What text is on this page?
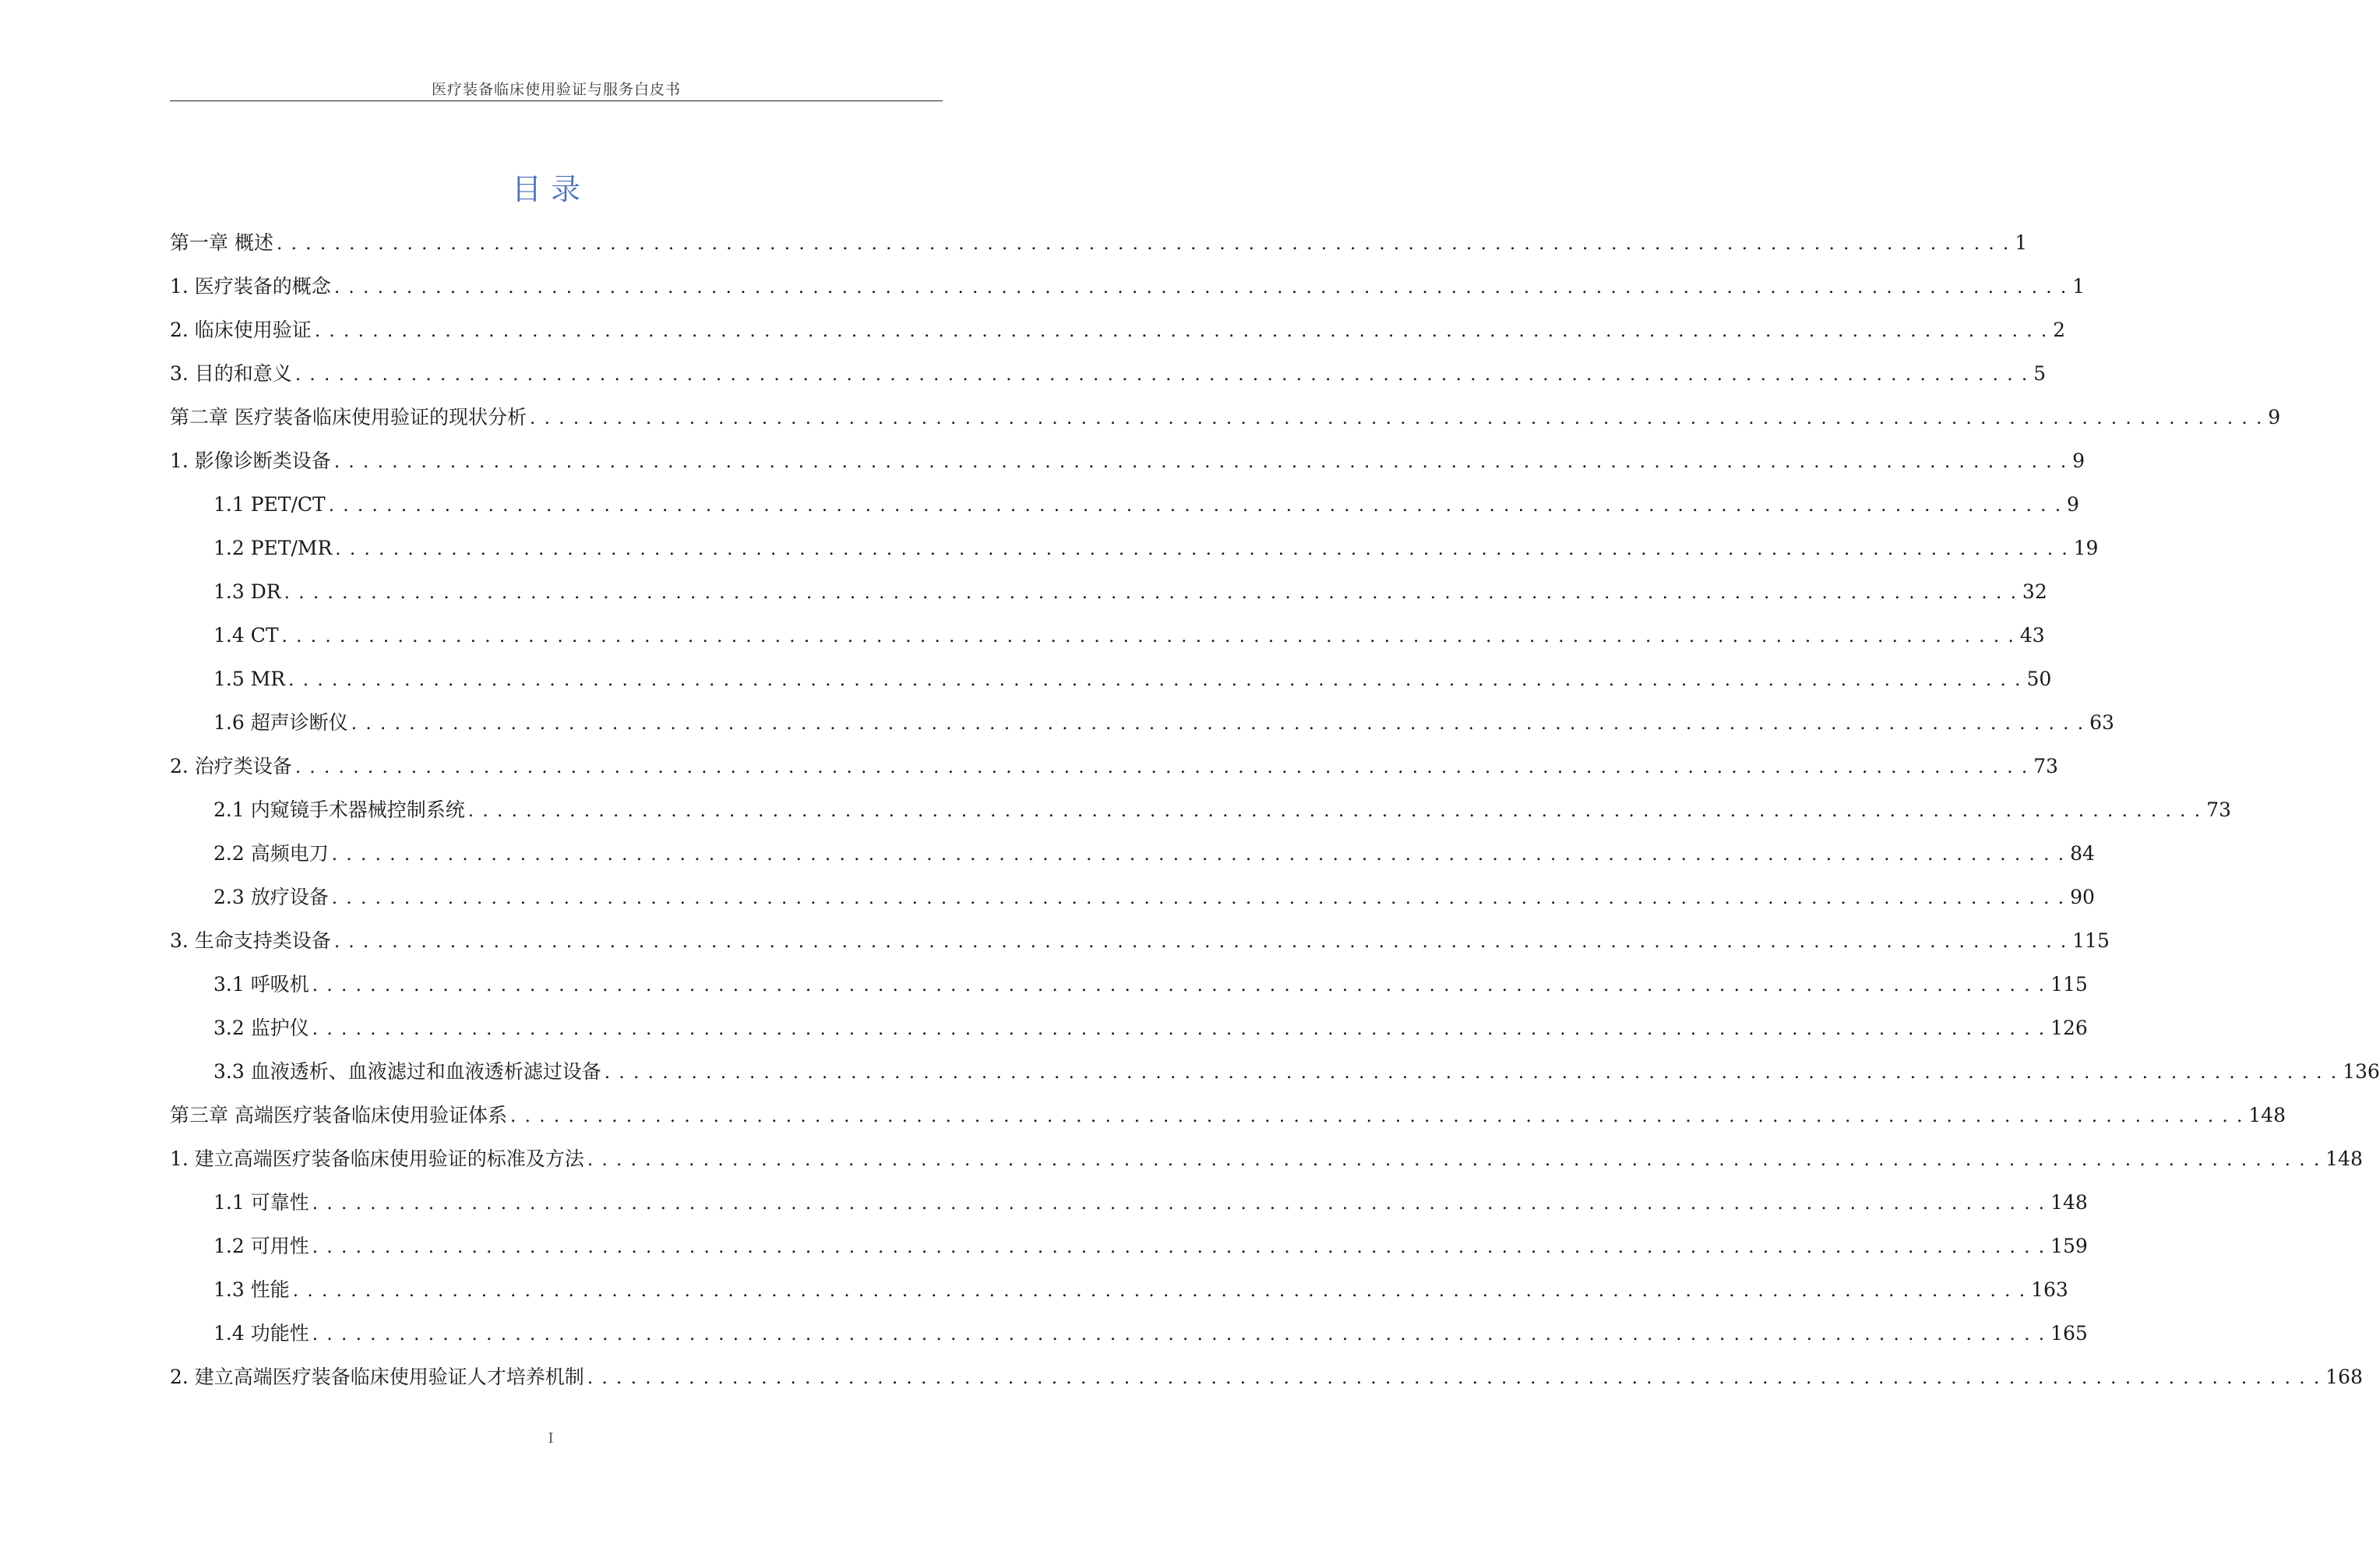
医疗装备临床使用验证与服务白皮书
目录
第一章 概述 . . . . . . . . . . . . . . . . . . . . . . . . . . . . . . . . . . . . . . . . . . . . . . . . . . . . . . . . . . . . . . . . . . . . . . . . . . . . . . . . . . . . . . . . . . . . . . . . . . . . . . . . . . . . . . . . . . . . . . . . 1
1. 医疗装备的概念 . . . . . . . . . . . . . . . . . . . . . . . . . . . . . . . . . . . . . . . . . . . . . . . . . . . . . . . . . . . . . . . . . . . . . . . . . . . . . . . . . . . . . . . . . . . . . . . . . . . . . . . . . . . . . . . . . . . . . . . . 1
2. 临床使用验证 . . . . . . . . . . . . . . . . . . . . . . . . . . . . . . . . . . . . . . . . . . . . . . . . . . . . . . . . . . . . . . . . . . . . . . . . . . . . . . . . . . . . . . . . . . . . . . . . . . . . . . . . . . . . . . . . . . . . . . . . 2
3. 目的和意义 . . . . . . . . . . . . . . . . . . . . . . . . . . . . . . . . . . . . . . . . . . . . . . . . . . . . . . . . . . . . . . . . . . . . . . . . . . . . . . . . . . . . . . . . . . . . . . . . . . . . . . . . . . . . . . . . . . . . . . . . 5
第二章 医疗装备临床使用验证的现状分析 . . . . . . . . . . . . . . . . . . . . . . . . . . . . . . . . . . . . . . . . . . . . . . . . . . . . . . . . . . . . . . . . . . . . . . . . . . . . . . . . . . . . . . . . . . . . . . . . . . . . . . . . . . . . . . . . . . . . . . . . 9
1. 影像诊断类设备 . . . . . . . . . . . . . . . . . . . . . . . . . . . . . . . . . . . . . . . . . . . . . . . . . . . . . . . . . . . . . . . . . . . . . . . . . . . . . . . . . . . . . . . . . . . . . . . . . . . . . . . . . . . . . . . . . . . . . . . . 9
1.1 PET/CT . . . . . . . . . . . . . . . . . . . . . . . . . . . . . . . . . . . . . . . . . . . . . . . . . . . . . . . . . . . . . . . . . . . . . . . . . . . . . . . . . . . . . . . . . . . . . . . . . . . . . . . . . . . . . . . . . . . . . . . . 9
1.2 PET/MR . . . . . . . . . . . . . . . . . . . . . . . . . . . . . . . . . . . . . . . . . . . . . . . . . . . . . . . . . . . . . . . . . . . . . . . . . . . . . . . . . . . . . . . . . . . . . . . . . . . . . . . . . . . . . . . . . . . . . . . . 19
1.3 DR . . . . . . . . . . . . . . . . . . . . . . . . . . . . . . . . . . . . . . . . . . . . . . . . . . . . . . . . . . . . . . . . . . . . . . . . . . . . . . . . . . . . . . . . . . . . . . . . . . . . . . . . . . . . . . . . . . . . . . . . 32
1.4 CT . . . . . . . . . . . . . . . . . . . . . . . . . . . . . . . . . . . . . . . . . . . . . . . . . . . . . . . . . . . . . . . . . . . . . . . . . . . . . . . . . . . . . . . . . . . . . . . . . . . . . . . . . . . . . . . . . . . . . . . . 43
1.5 MR . . . . . . . . . . . . . . . . . . . . . . . . . . . . . . . . . . . . . . . . . . . . . . . . . . . . . . . . . . . . . . . . . . . . . . . . . . . . . . . . . . . . . . . . . . . . . . . . . . . . . . . . . . . . . . . . . . . . . . . . 50
1.6 超声诊断仪 . . . . . . . . . . . . . . . . . . . . . . . . . . . . . . . . . . . . . . . . . . . . . . . . . . . . . . . . . . . . . . . . . . . . . . . . . . . . . . . . . . . . . . . . . . . . . . . . . . . . . . . . . . . . . . . . . . . . . . . . 63
2. 治疗类设备 . . . . . . . . . . . . . . . . . . . . . . . . . . . . . . . . . . . . . . . . . . . . . . . . . . . . . . . . . . . . . . . . . . . . . . . . . . . . . . . . . . . . . . . . . . . . . . . . . . . . . . . . . . . . . . . . . . . . . . . . 73
2.1 内窥镜手术器械控制系统 . . . . . . . . . . . . . . . . . . . . . . . . . . . . . . . . . . . . . . . . . . . . . . . . . . . . . . . . . . . . . . . . . . . . . . . . . . . . . . . . . . . . . . . . . . . . . . . . . . . . . . . . . . . . . . . . . . . . . . . . 73
2.2 高频电刀 . . . . . . . . . . . . . . . . . . . . . . . . . . . . . . . . . . . . . . . . . . . . . . . . . . . . . . . . . . . . . . . . . . . . . . . . . . . . . . . . . . . . . . . . . . . . . . . . . . . . . . . . . . . . . . . . . . . . . . . . 84
2.3 放疗设备 . . . . . . . . . . . . . . . . . . . . . . . . . . . . . . . . . . . . . . . . . . . . . . . . . . . . . . . . . . . . . . . . . . . . . . . . . . . . . . . . . . . . . . . . . . . . . . . . . . . . . . . . . . . . . . . . . . . . . . . . 90
3. 生命支持类设备 . . . . . . . . . . . . . . . . . . . . . . . . . . . . . . . . . . . . . . . . . . . . . . . . . . . . . . . . . . . . . . . . . . . . . . . . . . . . . . . . . . . . . . . . . . . . . . . . . . . . . . . . . . . . . . . . . . . . . . . . 115
3.1 呼吸机 . . . . . . . . . . . . . . . . . . . . . . . . . . . . . . . . . . . . . . . . . . . . . . . . . . . . . . . . . . . . . . . . . . . . . . . . . . . . . . . . . . . . . . . . . . . . . . . . . . . . . . . . . . . . . . . . . . . . . . . . 115
3.2 监护仪 . . . . . . . . . . . . . . . . . . . . . . . . . . . . . . . . . . . . . . . . . . . . . . . . . . . . . . . . . . . . . . . . . . . . . . . . . . . . . . . . . . . . . . . . . . . . . . . . . . . . . . . . . . . . . . . . . . . . . . . . 126
3.3 血液透析、血液滤过和血液透析滤过设备 . . . . . . . . . . . . . . . . . . . . . . . . . . . . . . . . . . . . . . . . . . . . . . . . . . . . . . . . . . . . . . . . . . . . . . . . . . . . . . . . . . . . . . . . . . . . . . . . . . . . . . . . . . . . . . . . . . . . . . . . 136
第三章 高端医疗装备临床使用验证体系 . . . . . . . . . . . . . . . . . . . . . . . . . . . . . . . . . . . . . . . . . . . . . . . . . . . . . . . . . . . . . . . . . . . . . . . . . . . . . . . . . . . . . . . . . . . . . . . . . . . . . . . . . . . . . . . . . . . . . . . . 148
1. 建立高端医疗装备临床使用验证的标准及方法 . . . . . . . . . . . . . . . . . . . . . . . . . . . . . . . . . . . . . . . . . . . . . . . . . . . . . . . . . . . . . . . . . . . . . . . . . . . . . . . . . . . . . . . . . . . . . . . . . . . . . . . . . . . . . . . . . . . . . . . . 148
1.1 可靠性 . . . . . . . . . . . . . . . . . . . . . . . . . . . . . . . . . . . . . . . . . . . . . . . . . . . . . . . . . . . . . . . . . . . . . . . . . . . . . . . . . . . . . . . . . . . . . . . . . . . . . . . . . . . . . . . . . . . . . . . . 148
1.2 可用性 . . . . . . . . . . . . . . . . . . . . . . . . . . . . . . . . . . . . . . . . . . . . . . . . . . . . . . . . . . . . . . . . . . . . . . . . . . . . . . . . . . . . . . . . . . . . . . . . . . . . . . . . . . . . . . . . . . . . . . . . 159
1.3 性能 . . . . . . . . . . . . . . . . . . . . . . . . . . . . . . . . . . . . . . . . . . . . . . . . . . . . . . . . . . . . . . . . . . . . . . . . . . . . . . . . . . . . . . . . . . . . . . . . . . . . . . . . . . . . . . . . . . . . . . . . 163
1.4 功能性 . . . . . . . . . . . . . . . . . . . . . . . . . . . . . . . . . . . . . . . . . . . . . . . . . . . . . . . . . . . . . . . . . . . . . . . . . . . . . . . . . . . . . . . . . . . . . . . . . . . . . . . . . . . . . . . . . . . . . . . . 165
2. 建立高端医疗装备临床使用验证人才培养机制 . . . . . . . . . . . . . . . . . . . . . . . . . . . . . . . . . . . . . . . . . . . . . . . . . . . . . . . . . . . . . . . . . . . . . . . . . . . . . . . . . . . . . . . . . . . . . . . . . . . . . . . . . . . . . . . . . . . . . . . . 168
I
